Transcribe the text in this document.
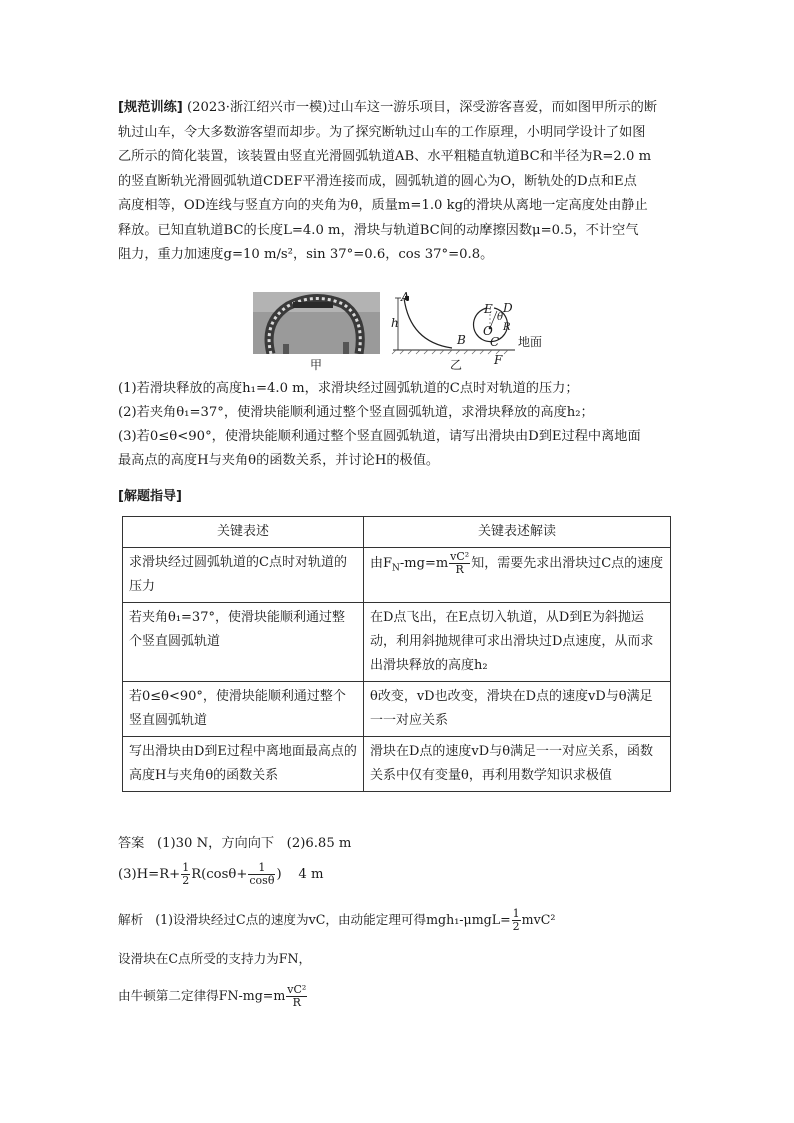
[规范训练] (2023·浙江绍兴市一模)过山车这一游乐项目，深受游客喜爱，而如图甲所示的断
轨过山车，令大多数游客望而却步。为了探究断轨过山车的工作原理，小明同学设计了如图
乙所示的简化装置，该装置由竖直光滑圆弧轨道AB、水平粗糙直轨道BC和半径为R=2.0 m
的竖直断轨光滑圆弧轨道CDEF平滑连接而成，圆弧轨道的圆心为O，断轨处的D点和E点
高度相等，OD连线与竖直方向的夹角为θ，质量m=1.0 kg的滑块从离地一定高度处由静止
释放。已知直轨道BC的长度L=4.0 m，滑块与轨道BC间的动摩擦因数μ=0.5，不计空气
阻力，重力加速度g=10 m/s²，sin 37°=0.6，cos 37°=0.8。
甲
A
h
B
E D
θ
O R
C
F
地面
乙
(1)若滑块释放的高度h₁=4.0 m，求滑块经过圆弧轨道的C点时对轨道的压力；
(2)若夹角θ₁=37°，使滑块能顺利通过整个竖直圆弧轨道，求滑块释放的高度h₂；
(3)若0≤θ<90°，使滑块能顺利通过整个竖直圆弧轨道，请写出滑块由D到E过程中离地面
最高点的高度H与夹角θ的函数关系，并讨论H的极值。
[解题指导]
关键表述	关键表述解读
求滑块经过圆弧轨道的C点时对轨道的压力	由$F_N-mg=m \frac{\text{vC²}}{R}$ 知，需要先求出滑块过C点的速度
若夹角θ₁=37°，使滑块能顺利通过整个竖直圆弧轨道	在D点飞出，在E点切入轨道，从D到E为斜抛运动，利用斜抛规律可求出滑块过D点速度，从而求出滑块释放的高度h₂
若0≤θ<90°，使滑块能顺利通过整个竖直圆弧轨道	θ改变，vD也改变，滑块在D点的速度vD与θ满足一一对应关系
写出滑块由D到E过程中离地面最高点的高度H与夹角θ的函数关系	滑块在D点的速度vD与θ满足一一对应关系，函数关系中仅有变量θ，再利用数学知识求极值
答案 (1)30 N，方向向下 (2)6.85 m
$(3)H=R+ \frac{1}{2} R(\cos\theta+ \frac{1}{\cos\theta}$ ) 4 m
解析 (1)设滑块经过C点的速度为vC，由动能定理可得$mgh_1-\mu mgL= \frac{1}{2} mvC^2$
设滑块在C点所受的支持力为FN，
由牛顿第二定律得$FN-mg=m \frac{\text{vC²}}{R}$
